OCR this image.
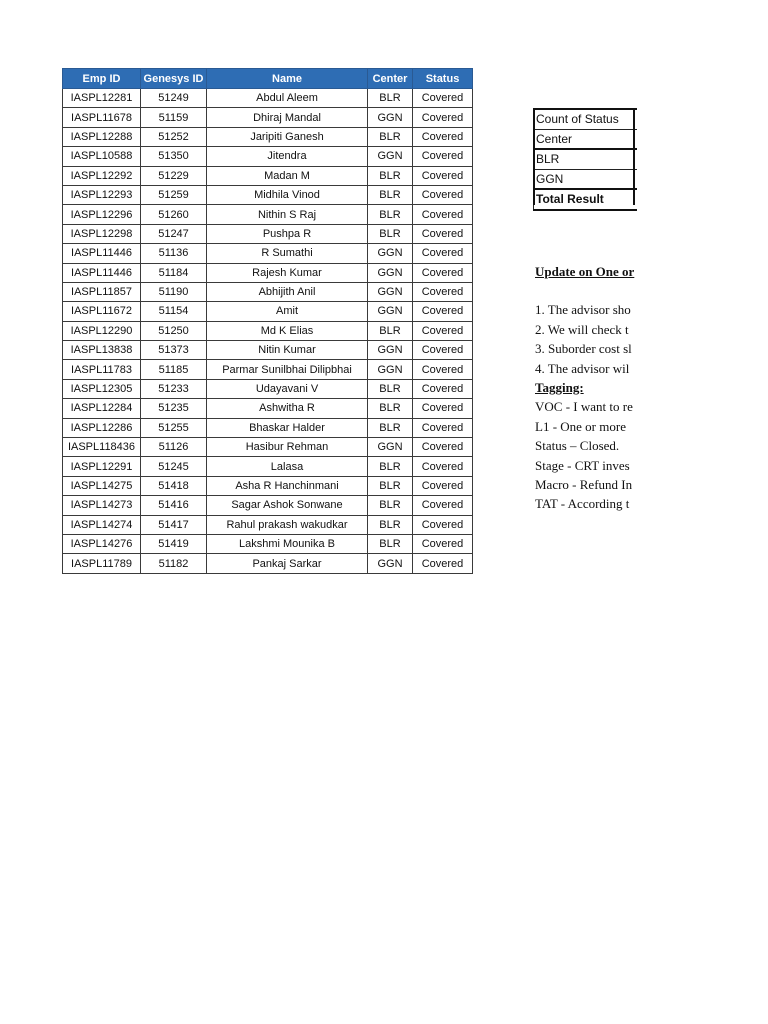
Emp ID	Genesys ID	Name	Center	Status
IASPL12281	51249	Abdul Aleem	BLR	Covered
IASPL11678	51159	Dhiraj Mandal	GGN	Covered
IASPL12288	51252	Jaripiti Ganesh	BLR	Covered
IASPL10588	51350	Jitendra	GGN	Covered
IASPL12292	51229	Madan M	BLR	Covered
IASPL12293	51259	Midhila Vinod	BLR	Covered
IASPL12296	51260	Nithin S Raj	BLR	Covered
IASPL12298	51247	Pushpa R	BLR	Covered
IASPL11446	51136	R Sumathi	GGN	Covered
IASPL11446	51184	Rajesh Kumar	GGN	Covered
IASPL11857	51190	Abhijith Anil	GGN	Covered
IASPL11672	51154	Amit	GGN	Covered
IASPL12290	51250	Md K Elias	BLR	Covered
IASPL13838	51373	Nitin Kumar	GGN	Covered
IASPL11783	51185	Parmar Sunilbhai Dilipbhai	GGN	Covered
IASPL12305	51233	Udayavani V	BLR	Covered
IASPL12284	51235	Ashwitha R	BLR	Covered
IASPL12286	51255	Bhaskar Halder	BLR	Covered
IASPL118436	51126	Hasibur Rehman	GGN	Covered
IASPL12291	51245	Lalasa	BLR	Covered
IASPL14275	51418	Asha R Hanchinmani	BLR	Covered
IASPL14273	51416	Sagar Ashok Sonwane	BLR	Covered
IASPL14274	51417	Rahul prakash wakudkar	BLR	Covered
IASPL14276	51419	Lakshmi Mounika B	BLR	Covered
IASPL11789	51182	Pankaj Sarkar	GGN	Covered
Count of Status
Center
BLR
GGN
Total Result
Update on One or
1. The advisor sho
2. We will check t
3. Suborder cost sl
4. The advisor wil
Tagging:
VOC - I want to re
L1 - One or more
Status – Closed.
Stage - CRT inves
Macro - Refund In
TAT - According t
